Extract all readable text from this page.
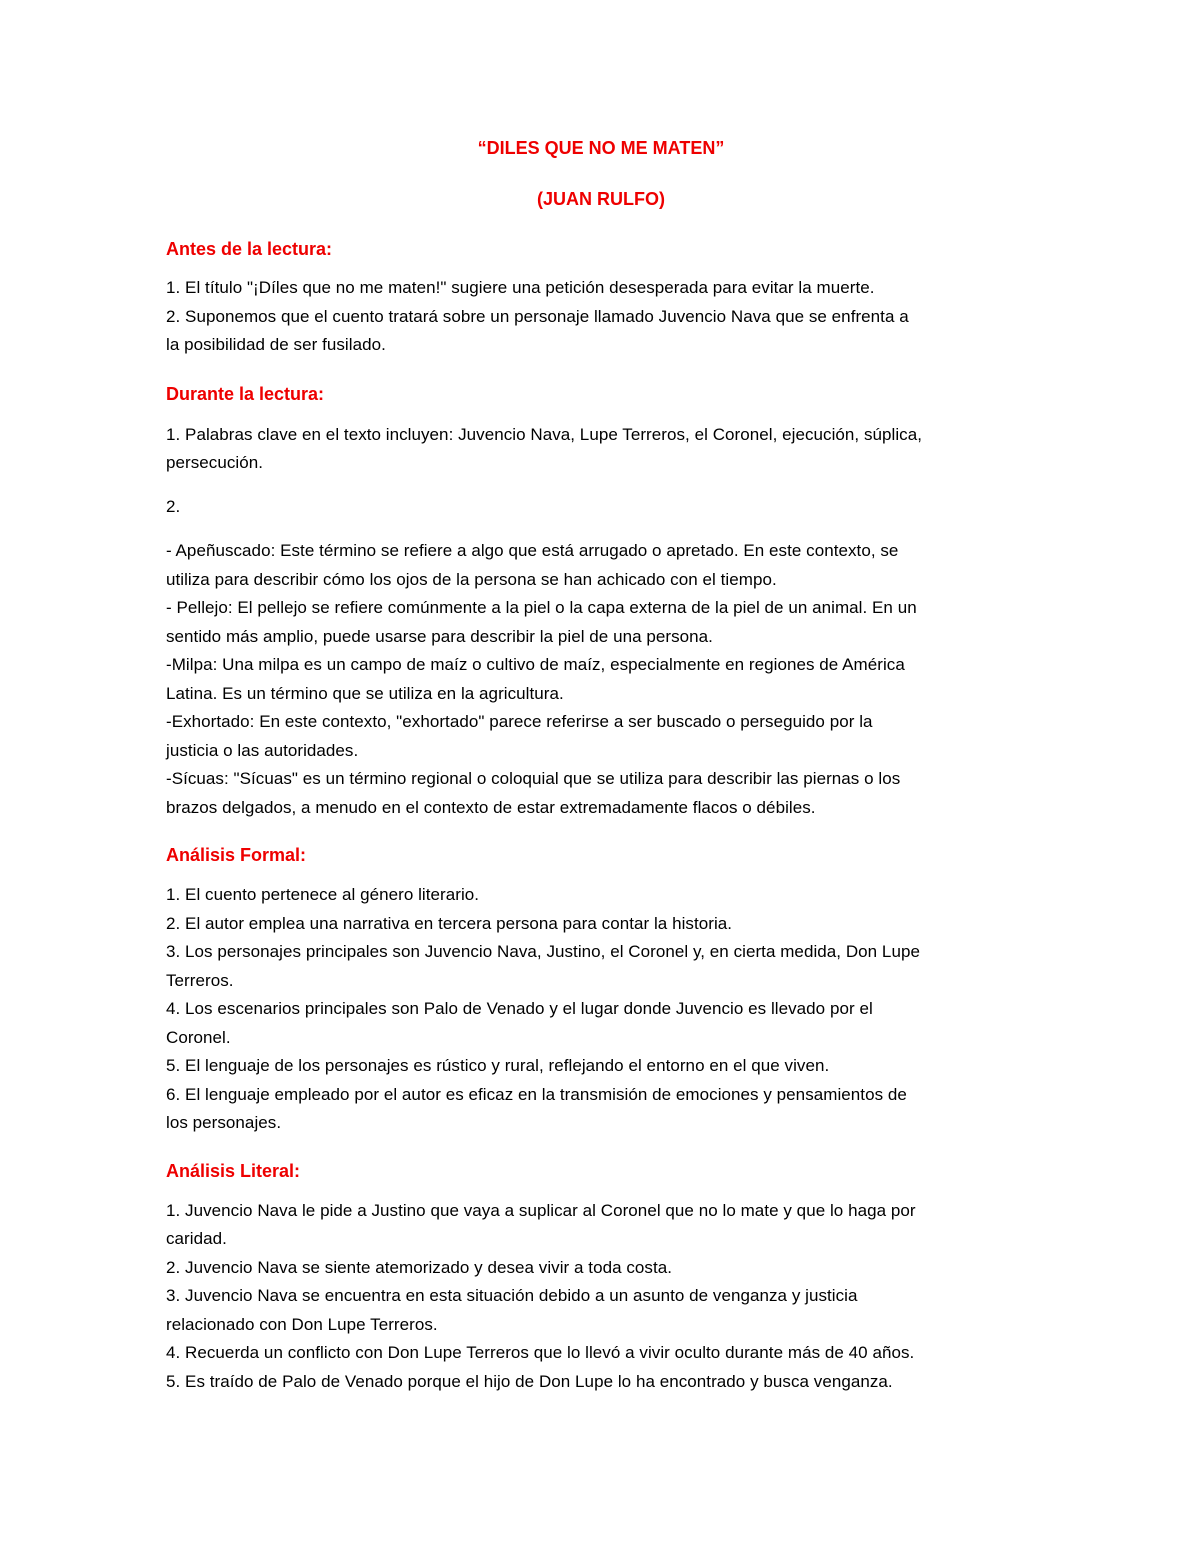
“DILES QUE NO ME MATEN”

(JUAN RULFO)

Antes de la lectura:

1. El título "¡Díles que no me maten!" sugiere una petición desesperada para evitar la muerte.
2. Suponemos que el cuento tratará sobre un personaje llamado Juvencio Nava que se enfrenta a
la posibilidad de ser fusilado.

Durante la lectura:

1. Palabras clave en el texto incluyen: Juvencio Nava, Lupe Terreros, el Coronel, ejecución, súplica,
persecución.

2.

- Apeñuscado: Este término se refiere a algo que está arrugado o apretado. En este contexto, se
utiliza para describir cómo los ojos de la persona se han achicado con el tiempo.
- Pellejo: El pellejo se refiere comúnmente a la piel o la capa externa de la piel de un animal. En un
sentido más amplio, puede usarse para describir la piel de una persona.
-Milpa: Una milpa es un campo de maíz o cultivo de maíz, especialmente en regiones de América
Latina. Es un término que se utiliza en la agricultura.
-Exhortado: En este contexto, "exhortado" parece referirse a ser buscado o perseguido por la
justicia o las autoridades.
-Sícuas: "Sícuas" es un término regional o coloquial que se utiliza para describir las piernas o los
brazos delgados, a menudo en el contexto de estar extremadamente flacos o débiles.

Análisis Formal:

1. El cuento pertenece al género literario.
2. El autor emplea una narrativa en tercera persona para contar la historia.
3. Los personajes principales son Juvencio Nava, Justino, el Coronel y, en cierta medida, Don Lupe
Terreros.
4. Los escenarios principales son Palo de Venado y el lugar donde Juvencio es llevado por el
Coronel.
5. El lenguaje de los personajes es rústico y rural, reflejando el entorno en el que viven.
6. El lenguaje empleado por el autor es eficaz en la transmisión de emociones y pensamientos de
los personajes.

Análisis Literal:

1. Juvencio Nava le pide a Justino que vaya a suplicar al Coronel que no lo mate y que lo haga por
caridad.
2. Juvencio Nava se siente atemorizado y desea vivir a toda costa.
3. Juvencio Nava se encuentra en esta situación debido a un asunto de venganza y justicia
relacionado con Don Lupe Terreros.
4. Recuerda un conflicto con Don Lupe Terreros que lo llevó a vivir oculto durante más de 40 años.
5. Es traído de Palo de Venado porque el hijo de Don Lupe lo ha encontrado y busca venganza.
